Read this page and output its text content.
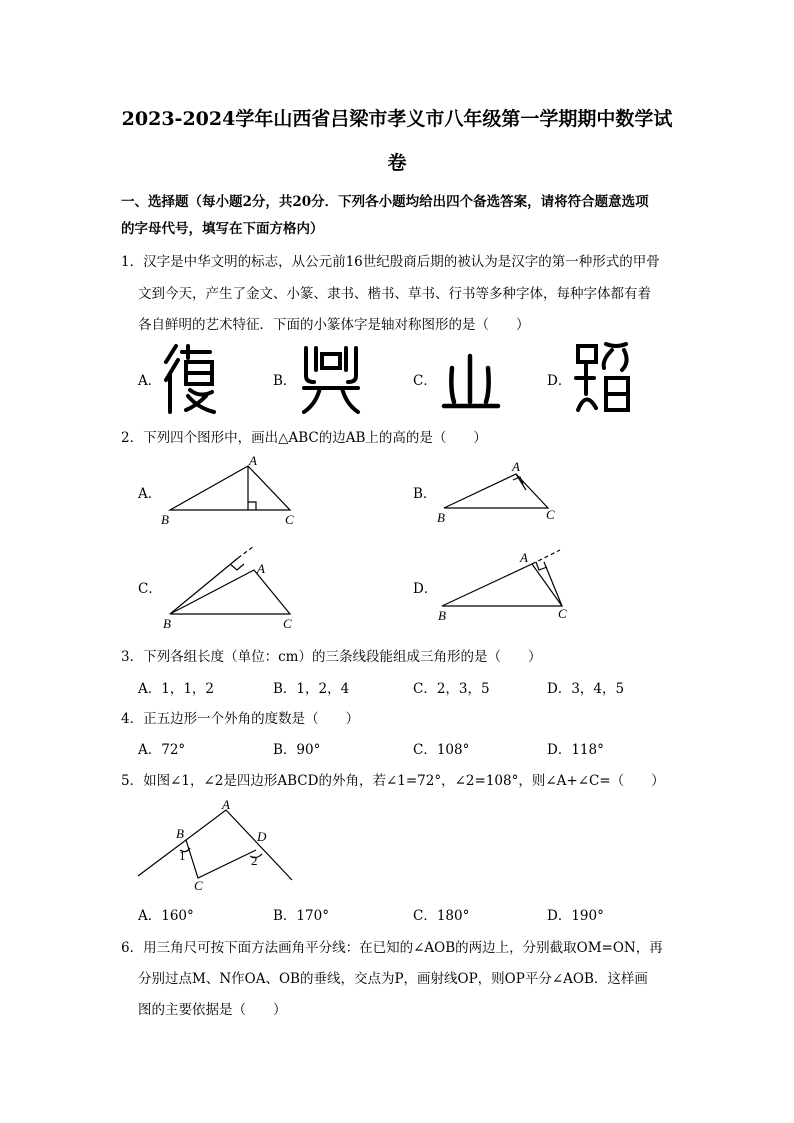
2023-2024学年山西省吕梁市孝义市八年级第一学期期中数学试
卷
一、选择题（每小题2分，共20分．下列各小题均给出四个备选答案，请将符合题意选项
的字母代号，填写在下面方格内）
1．汉字是中华文明的标志，从公元前16世纪殷商后期的被认为是汉字的第一种形式的甲骨
文到今天，产生了金文、小篆、隶书、楷书、草书、行书等多种字体，每种字体都有着
各自鲜明的艺术特征．下面的小篆体字是轴对称图形的是（　　）
A．	B．	C．	D．
2．下列四个图形中，画出△ABC的边AB上的高的是（　　）
A．
A
B	C
B．
A
B	C
C．
A
B	C
D．
A
B	C
3．下列各组长度（单位：cm）的三条线段能组成三角形的是（　　）
A．1，1，2	B．1，2，4	C．2，3，5	D．3，4，5
4．正五边形一个外角的度数是（　　）
A．72°	B．90°	C．108°	D．118°
5．如图∠1，∠2是四边形ABCD的外角，若∠1=72°，∠2=108°，则∠A+∠C=（　　）
A
B
C
D
1	2
A．160°	B．170°	C．180°	D．190°
6．用三角尺可按下面方法画角平分线：在已知的∠AOB的两边上，分别截取OM=ON，再
分别过点M、N作OA、OB的垂线，交点为P，画射线OP，则OP平分∠AOB．这样画
图的主要依据是（　　）
